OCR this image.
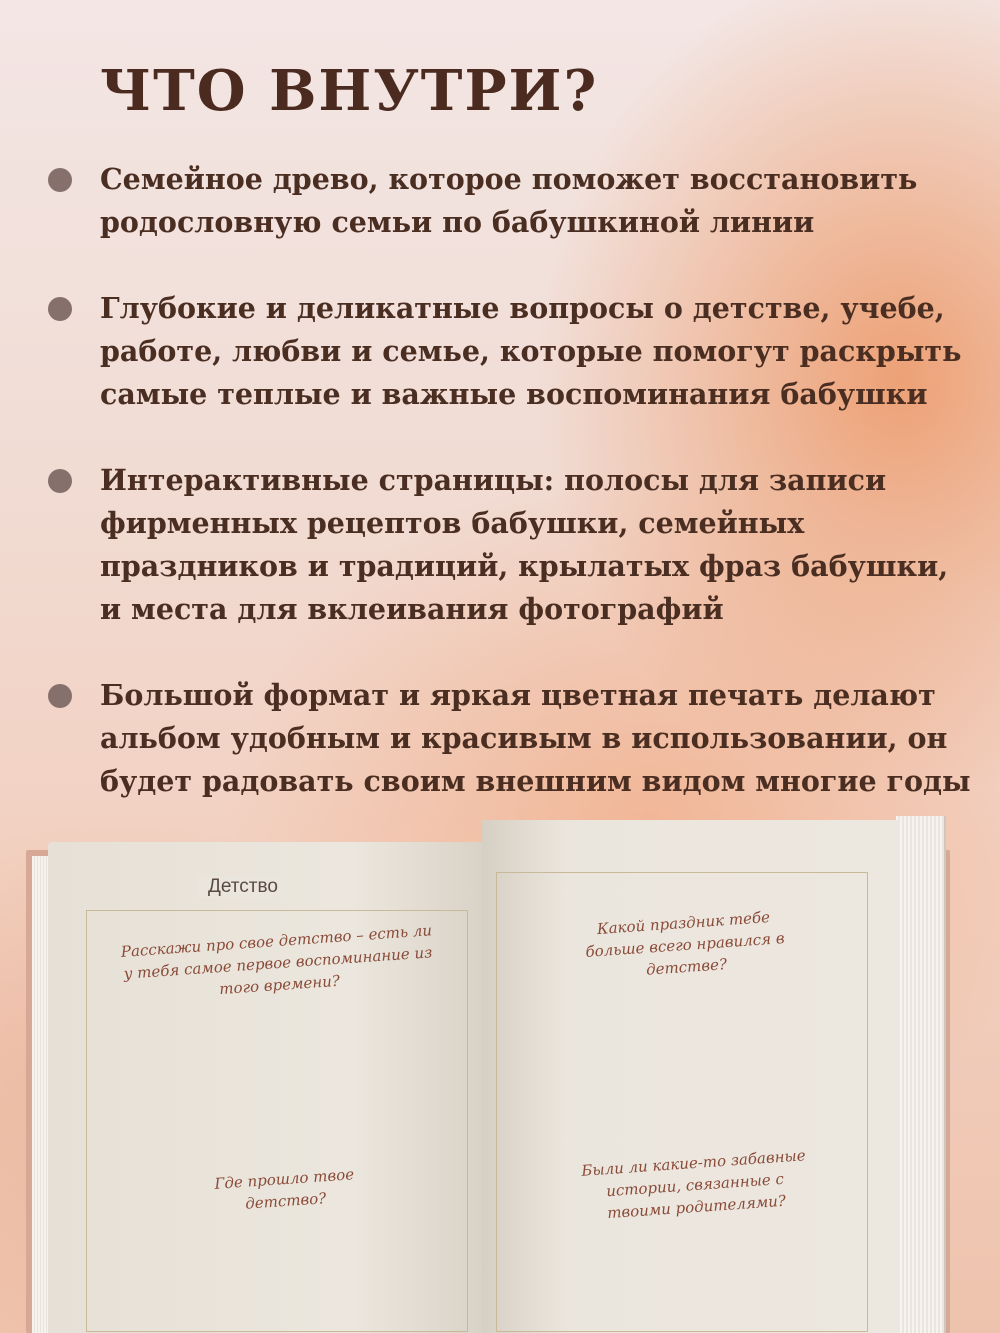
ЧТО ВНУТРИ?
Семейное древо, которое поможет восстановить родословную семьи по бабушкиной линии
Глубокие и деликатные вопросы о детстве, учебе, работе, любви и семье, которые помогут раскрыть самые теплые и важные воспоминания бабушки
Интерактивные страницы: полосы для записи фирменных рецептов бабушки, семейных праздников и традиций, крылатых фраз бабушки, и места для вклеивания фотографий
Большой формат и яркая цветная печать делают альбом удобным и красивым в использовании, он будет радовать своим внешним видом многие годы
Детство
Расскажи про свое детство – есть ли у тебя самое первое воспоминание из того времени?
Какой праздник тебе больше всего нравился в детстве?
Где прошло твое детство?
Были ли какие-то забавные истории, связанные с твоими родителями?
